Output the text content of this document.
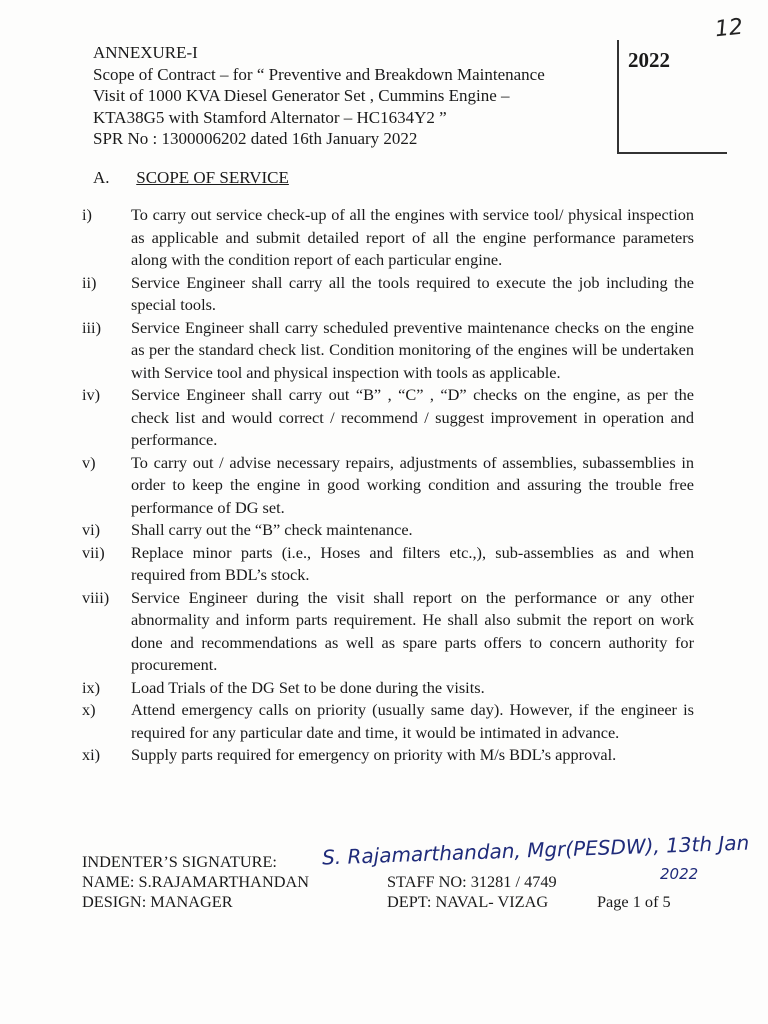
12
ANNEXURE-I
Scope of Contract – for “ Preventive and Breakdown Maintenance
Visit of 1000 KVA Diesel Generator Set , Cummins Engine –
KTA38G5 with Stamford Alternator – HC1634Y2 ”
SPR No : 1300006202 dated 16th January 2022
2022
A. SCOPE OF SERVICE
i)	To carry out service check-up of all the engines with service tool/ physical inspection as applicable and submit detailed report of all the engine performance parameters along with the condition report of each particular engine.
ii)	Service Engineer shall carry all the tools required to execute the job including the special tools.
iii)	Service Engineer shall carry scheduled preventive maintenance checks on the engine as per the standard check list. Condition monitoring of the engines will be undertaken with Service tool and physical inspection with tools as applicable.
iv)	Service Engineer shall carry out “B” , “C” , “D” checks on the engine, as per the check list and would correct / recommend / suggest improvement in operation and performance.
v)	To carry out / advise necessary repairs, adjustments of assemblies, subassemblies in order to keep the engine in good working condition and assuring the trouble free performance of DG set.
vi)	Shall carry out the “B” check maintenance.
vii)	Replace minor parts (i.e., Hoses and filters etc.,), sub-assemblies as and when required from BDL’s stock.
viii)	Service Engineer during the visit shall report on the performance or any other abnormality and inform parts requirement. He shall also submit the report on work done and recommendations as well as spare parts offers to concern authority for procurement.
ix)	Load Trials of the DG Set to be done during the visits.
x)	Attend emergency calls on priority (usually same day). However, if the engineer is required for any particular date and time, it would be intimated in advance.
xi)	Supply parts required for emergency on priority with M/s BDL’s approval.
INDENTER’S SIGNATURE:	S. Rajamarthandan, Mgr(PESDW), 13th Jan
2022
NAME: S.RAJAMARTHANDAN	STAFF NO: 31281 / 4749
DESIGN: MANAGER	DEPT: NAVAL- VIZAG	Page 1 of 5
